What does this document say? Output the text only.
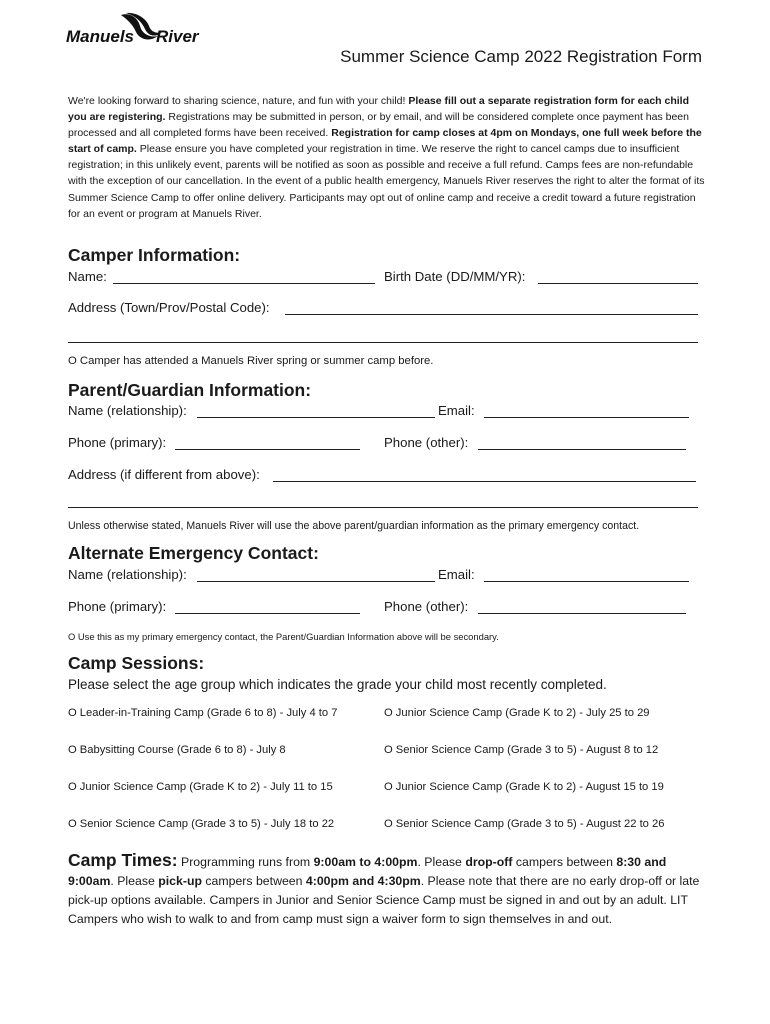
Manuels River
Summer Science Camp 2022 Registration Form
We're looking forward to sharing science, nature, and fun with your child! Please fill out a separate registration form for each child you are registering. Registrations may be submitted in person, or by email, and will be considered complete once payment has been processed and all completed forms have been received. Registration for camp closes at 4pm on Mondays, one full week before the start of camp. Please ensure you have completed your registration in time. We reserve the right to cancel camps due to insufficient registration; in this unlikely event, parents will be notified as soon as possible and receive a full refund. Camps fees are non-refundable with the exception of our cancellation. In the event of a public health emergency, Manuels River reserves the right to alter the format of its Summer Science Camp to offer online delivery. Participants may opt out of online camp and receive a credit toward a future registration for an event or program at Manuels River.
Camper Information:
Name:	Birth Date (DD/MM/YR):
Address (Town/Prov/Postal Code):
O Camper has attended a Manuels River spring or summer camp before.
Parent/Guardian Information:
Name (relationship):	Email:
Phone (primary):	Phone (other):
Address (if different from above):
Unless otherwise stated, Manuels River will use the above parent/guardian information as the primary emergency contact.
Alternate Emergency Contact:
Name (relationship):	Email:
Phone (primary):	Phone (other):
O Use this as my primary emergency contact, the Parent/Guardian Information above will be secondary.
Camp Sessions:
Please select the age group which indicates the grade your child most recently completed.
O Leader-in-Training Camp (Grade 6 to 8) - July 4 to 7
O Babysitting Course (Grade 6 to 8) - July 8
O Junior Science Camp (Grade K to 2) - July 11 to 15
O Senior Science Camp (Grade 3 to 5) - July 18 to 22
O Junior Science Camp (Grade K to 2) - July 25 to 29
O Senior Science Camp (Grade 3 to 5) - August 8 to 12
O Junior Science Camp (Grade K to 2) - August 15 to 19
O Senior Science Camp (Grade 3 to 5) - August 22 to 26
Camp Times: Programming runs from 9:00am to 4:00pm. Please drop-off campers between 8:30 and 9:00am. Please pick-up campers between 4:00pm and 4:30pm. Please note that there are no early drop-off or late pick-up options available. Campers in Junior and Senior Science Camp must be signed in and out by an adult. LIT Campers who wish to walk to and from camp must sign a waiver form to sign themselves in and out.
